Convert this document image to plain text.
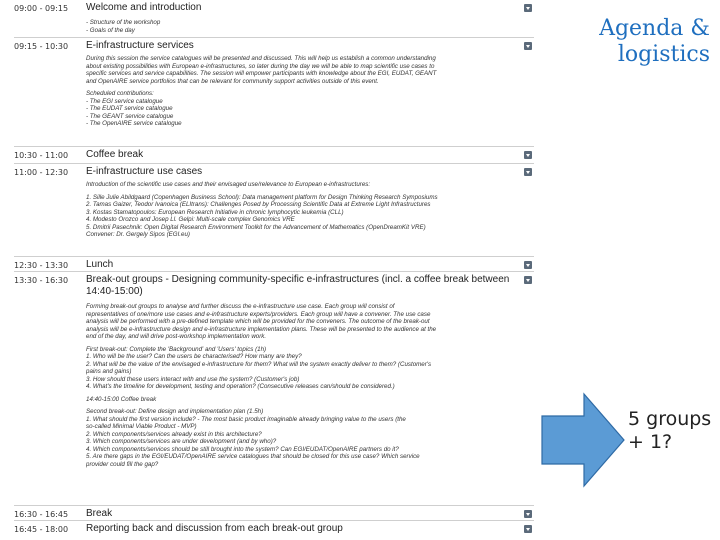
09:00 - 09:15 Welcome and introduction
- Structure of the workshop
- Goals of the day
09:15 - 10:30 E-infrastructure services
During this session the service catalogues will be presented and discussed. This will help us establish a common understanding
about existing possibilities with European e-infrastructures, so later during the day we will be able to map scientific use cases to
specific services and service capabilities. The session will empower participants with knowledge about the EGI, EUDAT, GEANT
and OpenAIRE service portfolios that can be relevant for community support activities outside of this event.
Scheduled contributions:
- The EGI service catalogue
- The EUDAT service catalogue
- The GEANT service catalogue
- The OpenAIRE service catalogue
10:30 - 11:00 Coffee break
11:00 - 12:30 E-infrastructure use cases
Introduction of the scientific use cases and their envisaged use/relevance to European e-infrastructures:
1. Sille Julie Abildgaard (Copenhagen Business School): Data management platform for Design Thinking Research Symposiums
2. Tamas Gaizer, Teodor Ivanoica (ELItrans): Challenges Posed by Processing Scientific Data at Extreme Light Infrastructures
3. Kostas Stamatopoulos: European Research Initiative in chronic lymphocytic leukemia (CLL)
4. Modesto Orozco and Josep Ll. Gelpi: Multi-scale complex Genomics VRE
5. Dmitrii Pasechnik: Open Digital Research Environment Toolkit for the Advancement of Mathematics (OpenDreamKit VRE)
Convener: Dr. Gergely Sipos (EGI.eu)
12:30 - 13:30 Lunch
13:30 - 16:30 Break-out groups - Designing community-specific e-infrastructures (incl. a coffee break between 14:40-15:00)
Forming break-out groups to analyse and further discuss the e-infrastructure use case. Each group will consist of
representatives of one/more use cases and e-infrastructure experts/providers. Each group will have a convener. The use case
analysis will be performed with a pre-defined template which will be provided for the conveners. The outcome of the break-out
analysis will be e-infrastructure design and e-infrastructure implementation plans. These will be presented to the audience at the
end of the day, and will drive post-workshop implementation work.
First break-out: Complete the 'Background' and 'Users' topics (1h)
1. Who will be the user? Can the users be characterised? How many are they?
2. What will be the value of the envisaged e-infrastructure for them? What will the system exactly deliver to them? (Customer's
pains and gains)
3. How should these users interact with and use the system? (Customer's job)
4. What's the timeline for development, testing and operation? (Consecutive releases can/should be considered.)
14:40-15:00 Coffee break
Second break-out: Define design and implementation plan (1.5h)
1. What should the first version include? - The most basic product imaginable already bringing value to the users (the
so-called Minimal Viable Product - MVP)
2. Which components/services already exist in this architecture?
3. Which components/services are under development (and by who)?
4. Which components/services should be still brought into the system? Can EGI/EUDAT/OpenAIRE partners do it?
5. Are there gaps in the EGI/EUDAT/OpenAIRE service catalogues that should be closed for this use case? Which service
provider could fill the gap?
16:30 - 16:45 Break
16:45 - 18:00 Reporting back and discussion from each break-out group
Agenda &
logistics
5 groups
+ 1?
